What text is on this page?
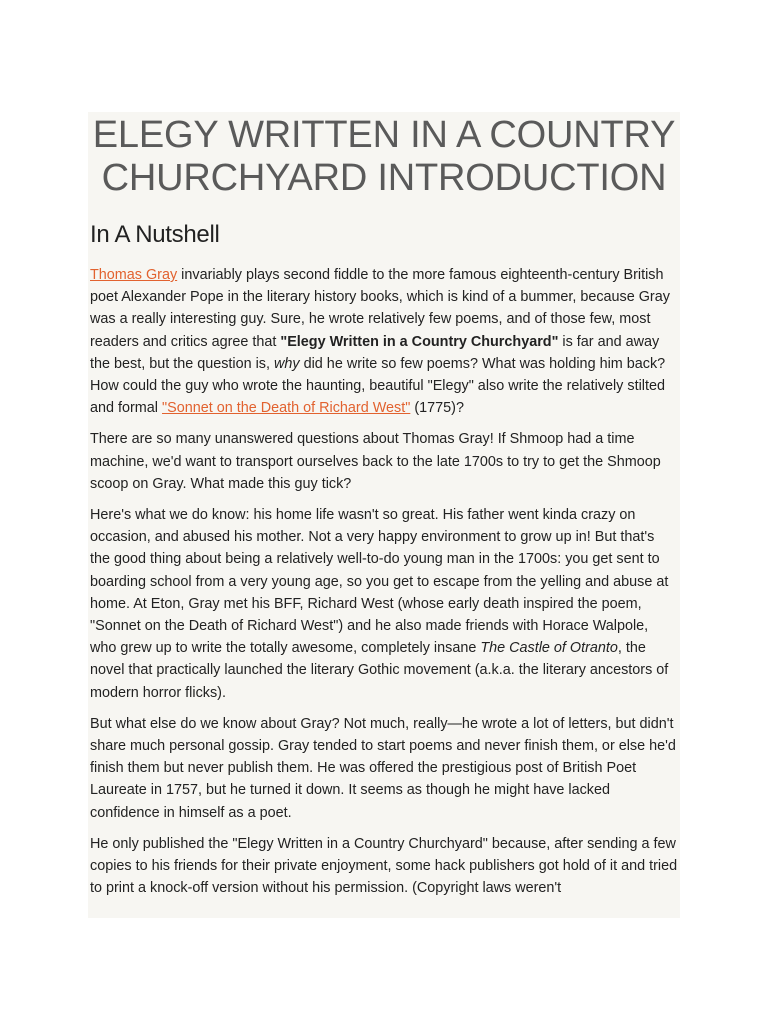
ELEGY WRITTEN IN A COUNTRY CHURCHYARD INTRODUCTION
In A Nutshell

Thomas Gray invariably plays second fiddle to the more famous eighteenth-century British poet Alexander Pope in the literary history books, which is kind of a bummer, because Gray was a really interesting guy. Sure, he wrote relatively few poems, and of those few, most readers and critics agree that "Elegy Written in a Country Churchyard" is far and away the best, but the question is, why did he write so few poems? What was holding him back? How could the guy who wrote the haunting, beautiful "Elegy" also write the relatively stilted and formal "Sonnet on the Death of Richard West" (1775)?

There are so many unanswered questions about Thomas Gray! If Shmoop had a time machine, we'd want to transport ourselves back to the late 1700s to try to get the Shmoop scoop on Gray. What made this guy tick?

Here's what we do know: his home life wasn't so great. His father went kinda crazy on occasion, and abused his mother. Not a very happy environment to grow up in! But that's the good thing about being a relatively well-to-do young man in the 1700s: you get sent to boarding school from a very young age, so you get to escape from the yelling and abuse at home. At Eton, Gray met his BFF, Richard West (whose early death inspired the poem, "Sonnet on the Death of Richard West") and he also made friends with Horace Walpole, who grew up to write the totally awesome, completely insane The Castle of Otranto, the novel that practically launched the literary Gothic movement (a.k.a. the literary ancestors of modern horror flicks).

But what else do we know about Gray? Not much, really—he wrote a lot of letters, but didn't share much personal gossip. Gray tended to start poems and never finish them, or else he'd finish them but never publish them. He was offered the prestigious post of British Poet Laureate in 1757, but he turned it down. It seems as though he might have lacked confidence in himself as a poet.

He only published the "Elegy Written in a Country Churchyard" because, after sending a few copies to his friends for their private enjoyment, some hack publishers got hold of it and tried to print a knock-off version without his permission. (Copyright laws weren't
